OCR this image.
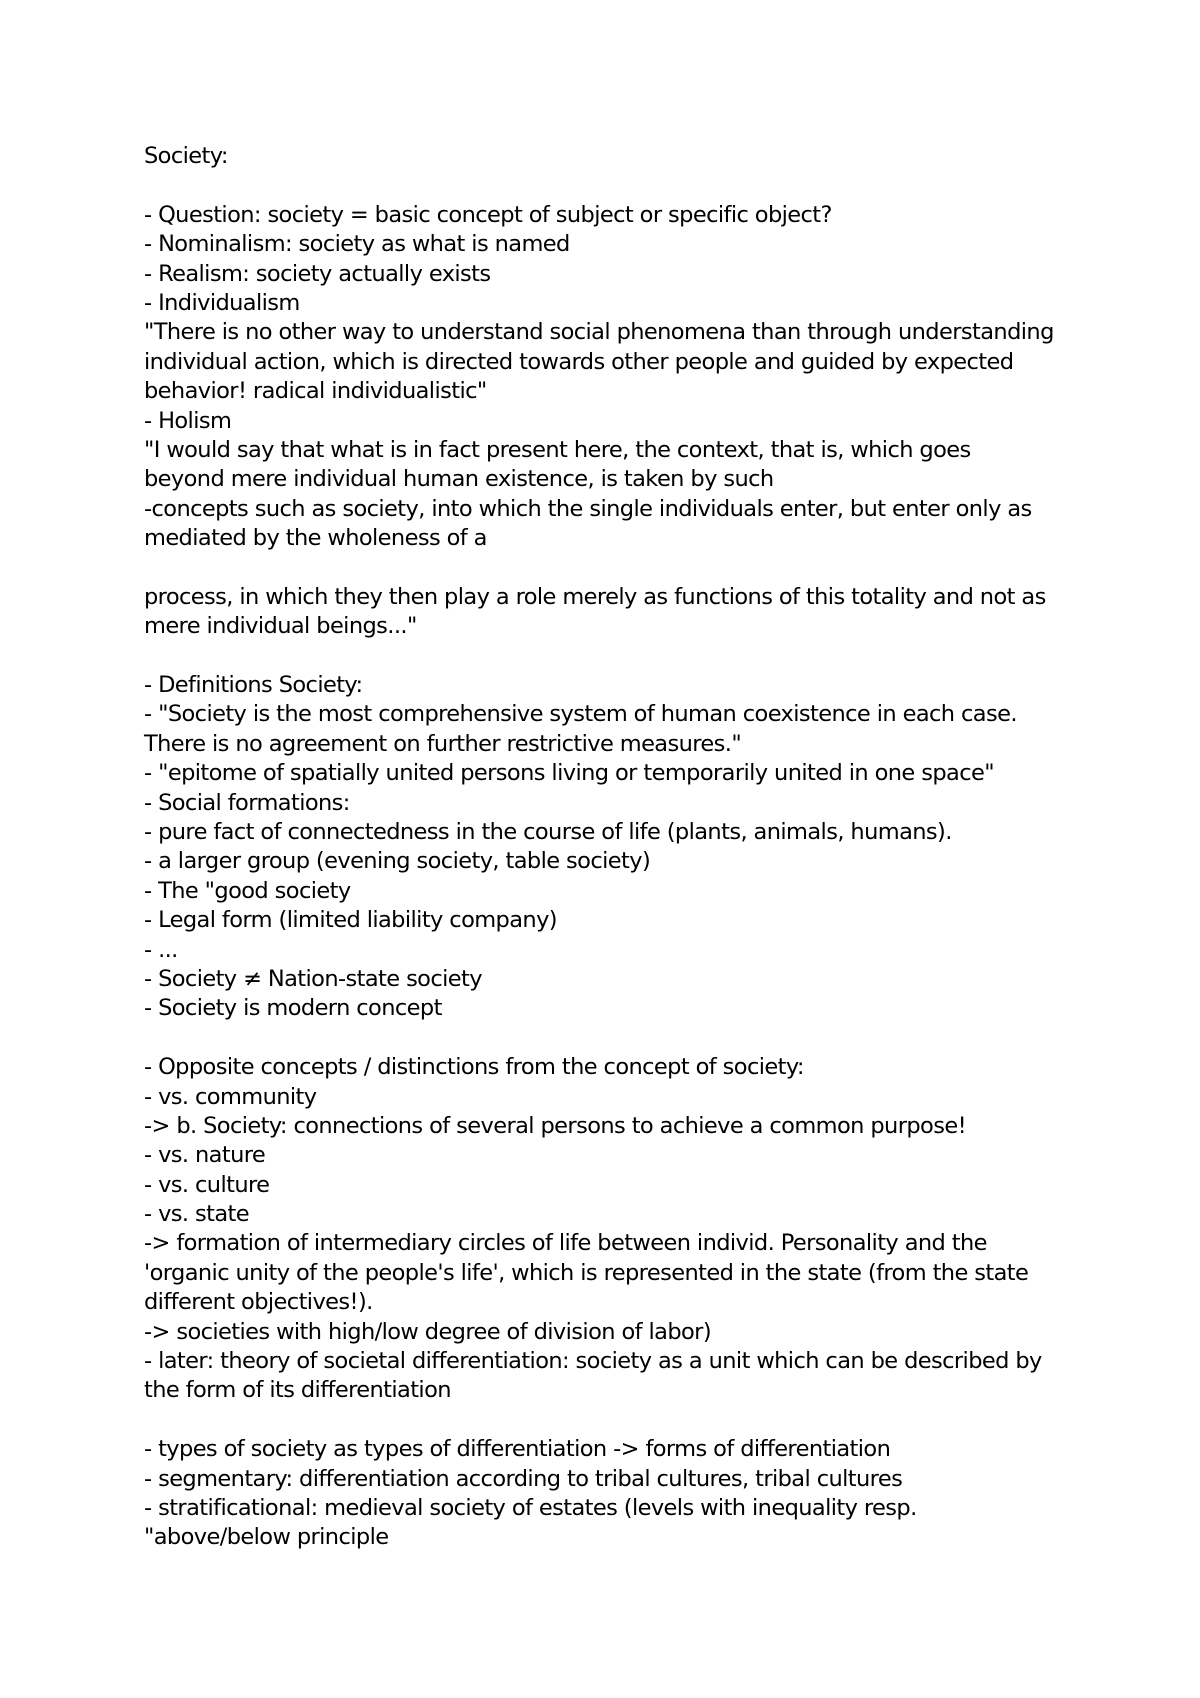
Society:
- Question: society = basic concept of subject or specific object?
- Nominalism: society as what is named
- Realism: society actually exists
- Individualism
"There is no other way to understand social phenomena than through understanding
individual action, which is directed towards other people and guided by expected
behavior! radical individualistic"
- Holism
"I would say that what is in fact present here, the context, that is, which goes
beyond mere individual human existence, is taken by such
-concepts such as society, into which the single individuals enter, but enter only as
mediated by the wholeness of a
process, in which they then play a role merely as functions of this totality and not as
mere individual beings..."
- Definitions Society:
- "Society is the most comprehensive system of human coexistence in each case.
There is no agreement on further restrictive measures."
- "epitome of spatially united persons living or temporarily united in one space"
- Social formations:
- pure fact of connectedness in the course of life (plants, animals, humans).
- a larger group (evening society, table society)
- The "good society
- Legal form (limited liability company)
- ...
- Society ≠ Nation-state society
- Society is modern concept
- Opposite concepts / distinctions from the concept of society:
- vs. community
-> b. Society: connections of several persons to achieve a common purpose!
- vs. nature
- vs. culture
- vs. state
-> formation of intermediary circles of life between individ. Personality and the
'organic unity of the people's life', which is represented in the state (from the state
different objectives!).
-> societies with high/low degree of division of labor)
- later: theory of societal differentiation: society as a unit which can be described by
the form of its differentiation
- types of society as types of differentiation -> forms of differentiation
- segmentary: differentiation according to tribal cultures, tribal cultures
- stratificational: medieval society of estates (levels with inequality resp.
"above/below principle
